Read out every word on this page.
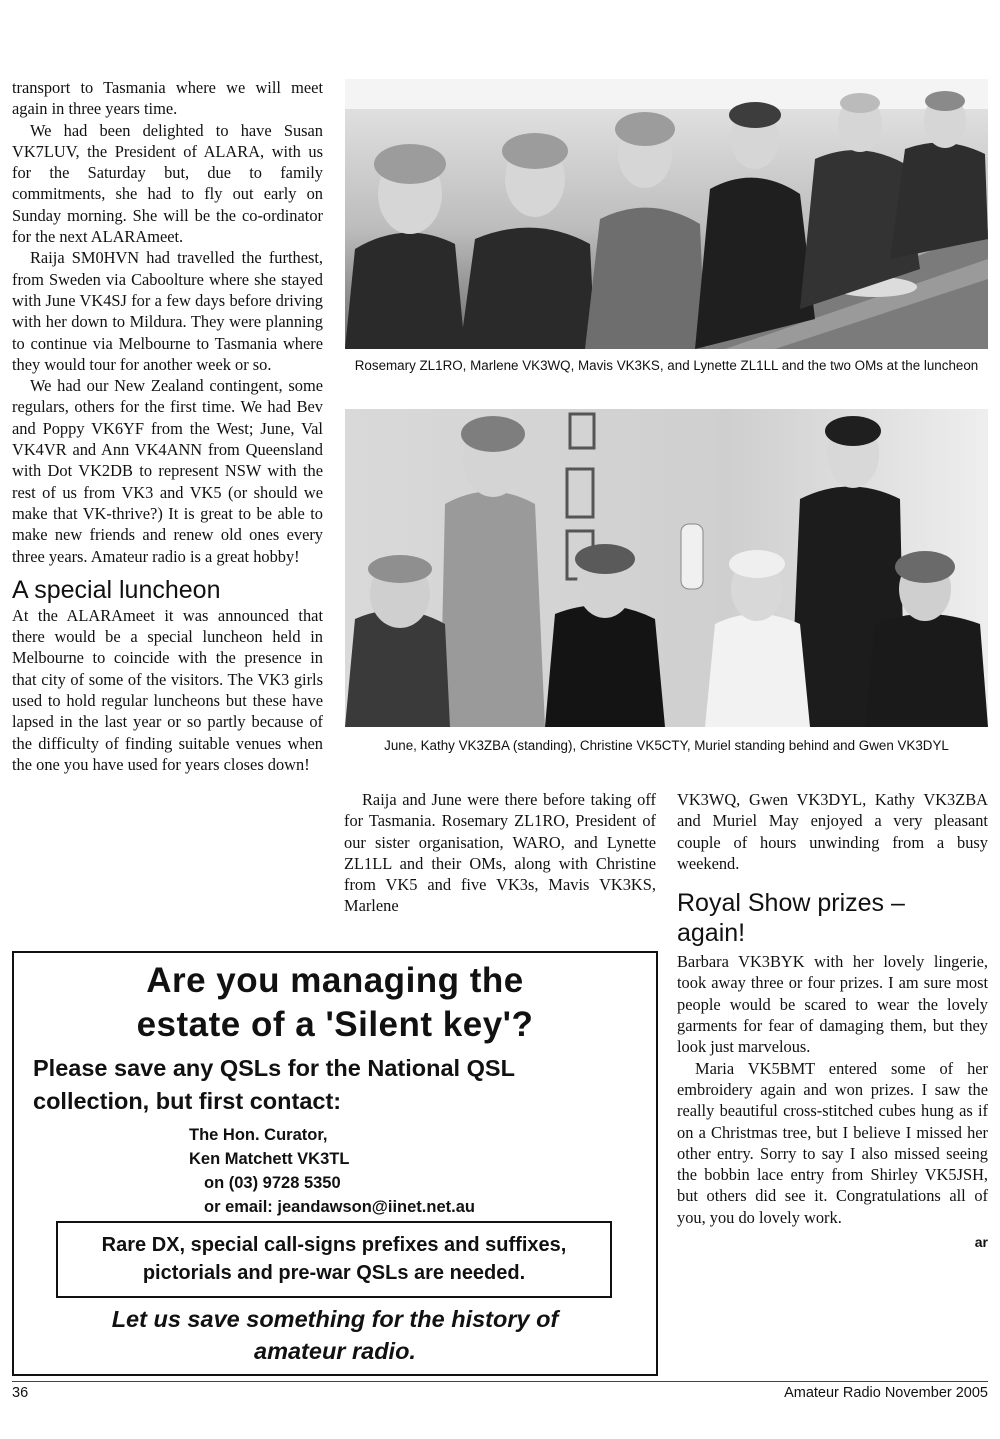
transport to Tasmania where we will meet again in three years time.

We had been delighted to have Susan VK7LUV, the President of ALARA, with us for the Saturday but, due to family commitments, she had to fly out early on Sunday morning. She will be the co-ordinator for the next ALARAmeet.

Raija SM0HVN had travelled the furthest, from Sweden via Caboolture where she stayed with June VK4SJ for a few days before driving with her down to Mildura. They were planning to continue via Melbourne to Tasmania where they would tour for another week or so.

We had our New Zealand contingent, some regulars, others for the first time. We had Bev and Poppy VK6YF from the West; June, Val VK4VR and Ann VK4ANN from Queensland with Dot VK2DB to represent NSW with the rest of us from VK3 and VK5 (or should we make that VK-thrive?) It is great to be able to make new friends and renew old ones every three years. Amateur radio is a great hobby!

A special luncheon

At the ALARAmeet it was announced that there would be a special luncheon held in Melbourne to coincide with the presence in that city of some of the visitors. The VK3 girls used to hold regular luncheons but these have lapsed in the last year or so partly because of the difficulty of finding suitable venues when the one you have used for years closes down!

Rosemary ZL1RO, Marlene VK3WQ, Mavis VK3KS, and Lynette ZL1LL and the two OMs at the luncheon
June, Kathy VK3ZBA (standing), Christine VK5CTY, Muriel standing behind and Gwen VK3DYL

Raija and June were there before taking off for Tasmania. Rosemary ZL1RO, President of our sister organisation, WARO, and Lynette ZL1LL and their OMs, along with Christine from VK5 and five VK3s, Mavis VK3KS, Marlene

VK3WQ, Gwen VK3DYL, Kathy VK3ZBA and Muriel May enjoyed a very pleasant couple of hours unwinding from a busy weekend.

Royal Show prizes – again!

Barbara VK3BYK with her lovely lingerie, took away three or four prizes. I am sure most people would be scared to wear the lovely garments for fear of damaging them, but they look just marvelous.

Maria VK5BMT entered some of her embroidery again and won prizes. I saw the really beautiful cross-stitched cubes hung as if on a Christmas tree, but I believe I missed her other entry. Sorry to say I also missed seeing the bobbin lace entry from Shirley VK5JSH, but others did see it. Congratulations all of you, you do lovely work.

ar
Are you managing the
estate of a 'Silent key'?
Please save any QSLs for the National QSL
collection, but first contact:
The Hon. Curator,
Ken Matchett VK3TL
on (03) 9728 5350
or email: jeandawson@iinet.net.au
Rare DX, special call-signs prefixes and suffixes,
pictorials and pre-war QSLs are needed.
Let us save something for the history of
amateur radio.
36	Amateur Radio November 2005
